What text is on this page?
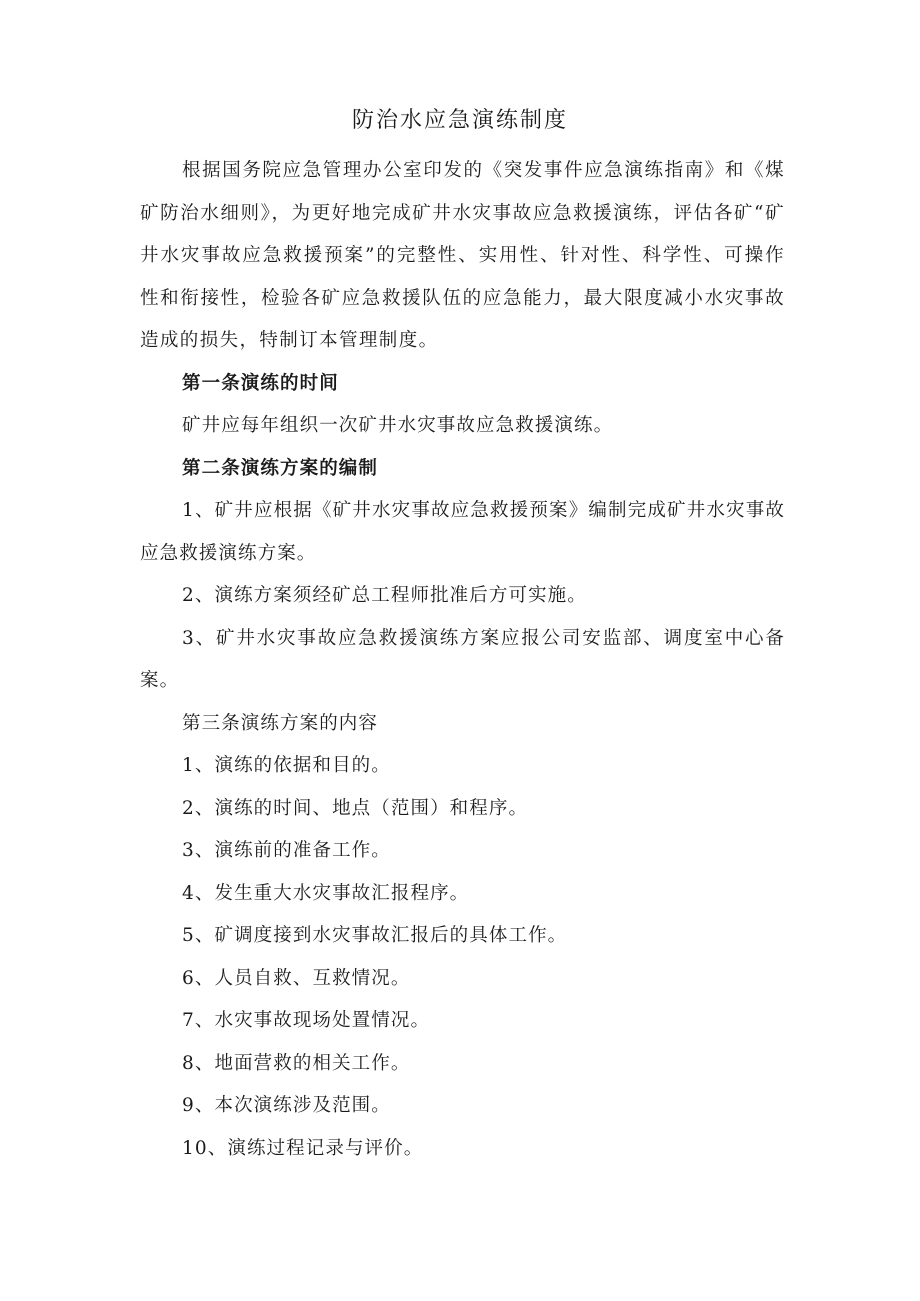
防治水应急演练制度

根据国务院应急管理办公室印发的《突发事件应急演练指南》和《煤矿防治水细则》，为更好地完成矿井水灾事故应急救援演练，评估各矿“矿井水灾事故应急救援预案”的完整性、实用性、针对性、科学性、可操作性和衔接性，检验各矿应急救援队伍的应急能力，最大限度减小水灾事故造成的损失，特制订本管理制度。

第一条演练的时间

矿井应每年组织一次矿井水灾事故应急救援演练。

第二条演练方案的编制

1、矿井应根据《矿井水灾事故应急救援预案》编制完成矿井水灾事故应急救援演练方案。

2、演练方案须经矿总工程师批准后方可实施。

3、矿井水灾事故应急救援演练方案应报公司安监部、调度室中心备案。

第三条演练方案的内容

1、演练的依据和目的。

2、演练的时间、地点（范围）和程序。

3、演练前的准备工作。

4、发生重大水灾事故汇报程序。

5、矿调度接到水灾事故汇报后的具体工作。

6、人员自救、互救情况。

7、水灾事故现场处置情况。

8、地面营救的相关工作。

9、本次演练涉及范围。

10、演练过程记录与评价。
